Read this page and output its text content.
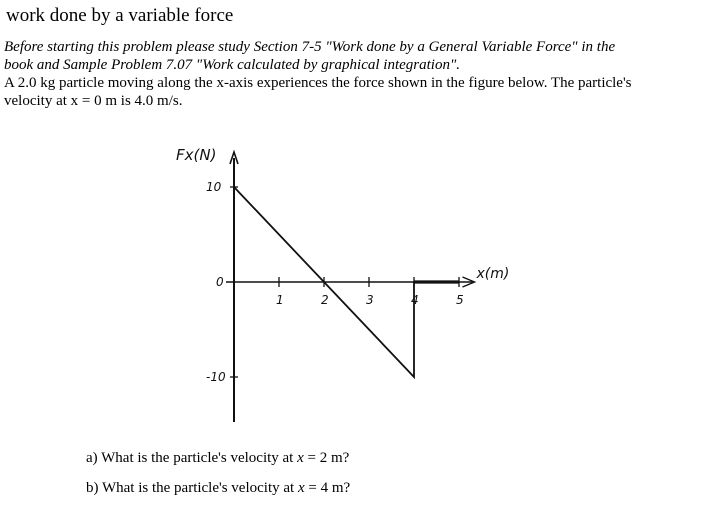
work done by a variable force
Before starting this problem please study Section 7-5 "Work done by a General Variable Force" in the
book and Sample Problem 7.07 "Work calculated by graphical integration".
A 2.0 kg particle moving along the x-axis experiences the force shown in the figure below. The particle's
velocity at x = 0 m is 4.0 m/s.
1	2	3	4	5
10
0
-10
Fx(N)
x(m)
a) What is the particle's velocity at x = 2 m?
b) What is the particle's velocity at x = 4 m?
